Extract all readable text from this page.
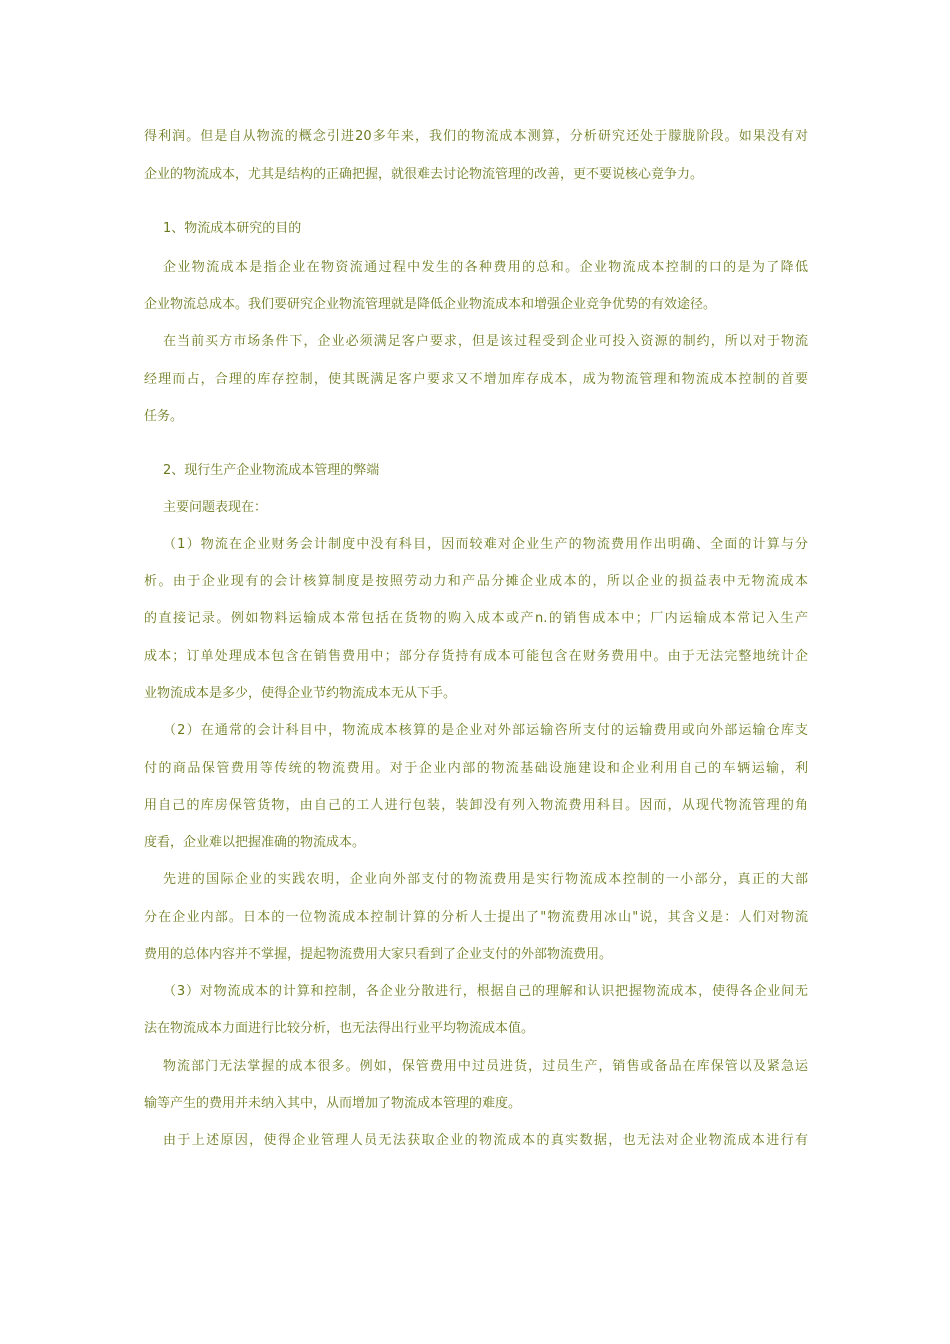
得利润。但是自从物流的概念引进20多年来，我们的物流成本测算，分析研究还处于朦胧阶段。如果没有对
企业的物流成本，尤其是结构的正确把握，就很难去讨论物流管理的改善，更不要说核心竟争力。
1、物流成本研究的目的
企业物流成本是指企业在物资流通过程中发生的各种费用的总和。企业物流成本控制的口的是为了降低
企业物流总成本。我们要研究企业物流管理就是降低企业物流成本和增强企业竞争优势的有效途径。
在当前买方市场条件下，企业必须满足客户要求，但是该过程受到企业可投入资源的制约，所以对于物流
经理而占，合理的库存控制，使其既满足客户要求又不增加库存成本，成为物流管理和物流成本控制的首要
任务。
2、现行生产企业物流成本管理的弊端
主要问题表现在：
（1）物流在企业财务会计制度中没有科目，因而较难对企业生产的物流费用作出明确、全面的计算与分
析。由于企业现有的会计核算制度是按照劳动力和产品分摊企业成本的，所以企业的损益表中无物流成本
的直接记录。例如物料运输成本常包括在货物的购入成本或产n.的销售成本中；厂内运输成本常记入生产
成本；订单处理成本包含在销售费用中；部分存货持有成本可能包含在财务费用中。由于无法完整地统计企
业物流成本是多少，使得企业节约物流成本无从下手。
（2）在通常的会计科目中，物流成本核算的是企业对外部运输咨所支付的运输费用或向外部运输仓库支
付的商品保管费用等传统的物流费用。对于企业内部的物流基础设施建设和企业利用自己的车辆运输，利
用自己的库房保管货物，由自己的工人进行包装，装卸没有列入物流费用科目。因而，从现代物流管理的角
度看，企业难以把握准确的物流成本。
先进的国际企业的实践农明，企业向外部支付的物流费用是实行物流成本控制的一小部分，真正的大部
分在企业内部。日本的一位物流成本控制计算的分析人士提出了"物流费用冰山"说，其含义是：人们对物流
费用的总体内容并不掌握，提起物流费用大家只看到了企业支付的外部物流费用。
（3）对物流成本的计算和控制，各企业分散进行，根据自己的理解和认识把握物流成本，使得各企业间无
法在物流成本力面进行比较分析，也无法得出行业平均物流成本值。
物流部门无法掌握的成本很多。例如，保管费用中过员进货，过员生产，销售或备品在库保管以及紧急运
输等产生的费用并未纳入其中，从而增加了物流成本管理的难度。
由于上述原因，使得企业管理人员无法获取企业的物流成本的真实数据，也无法对企业物流成本进行有
